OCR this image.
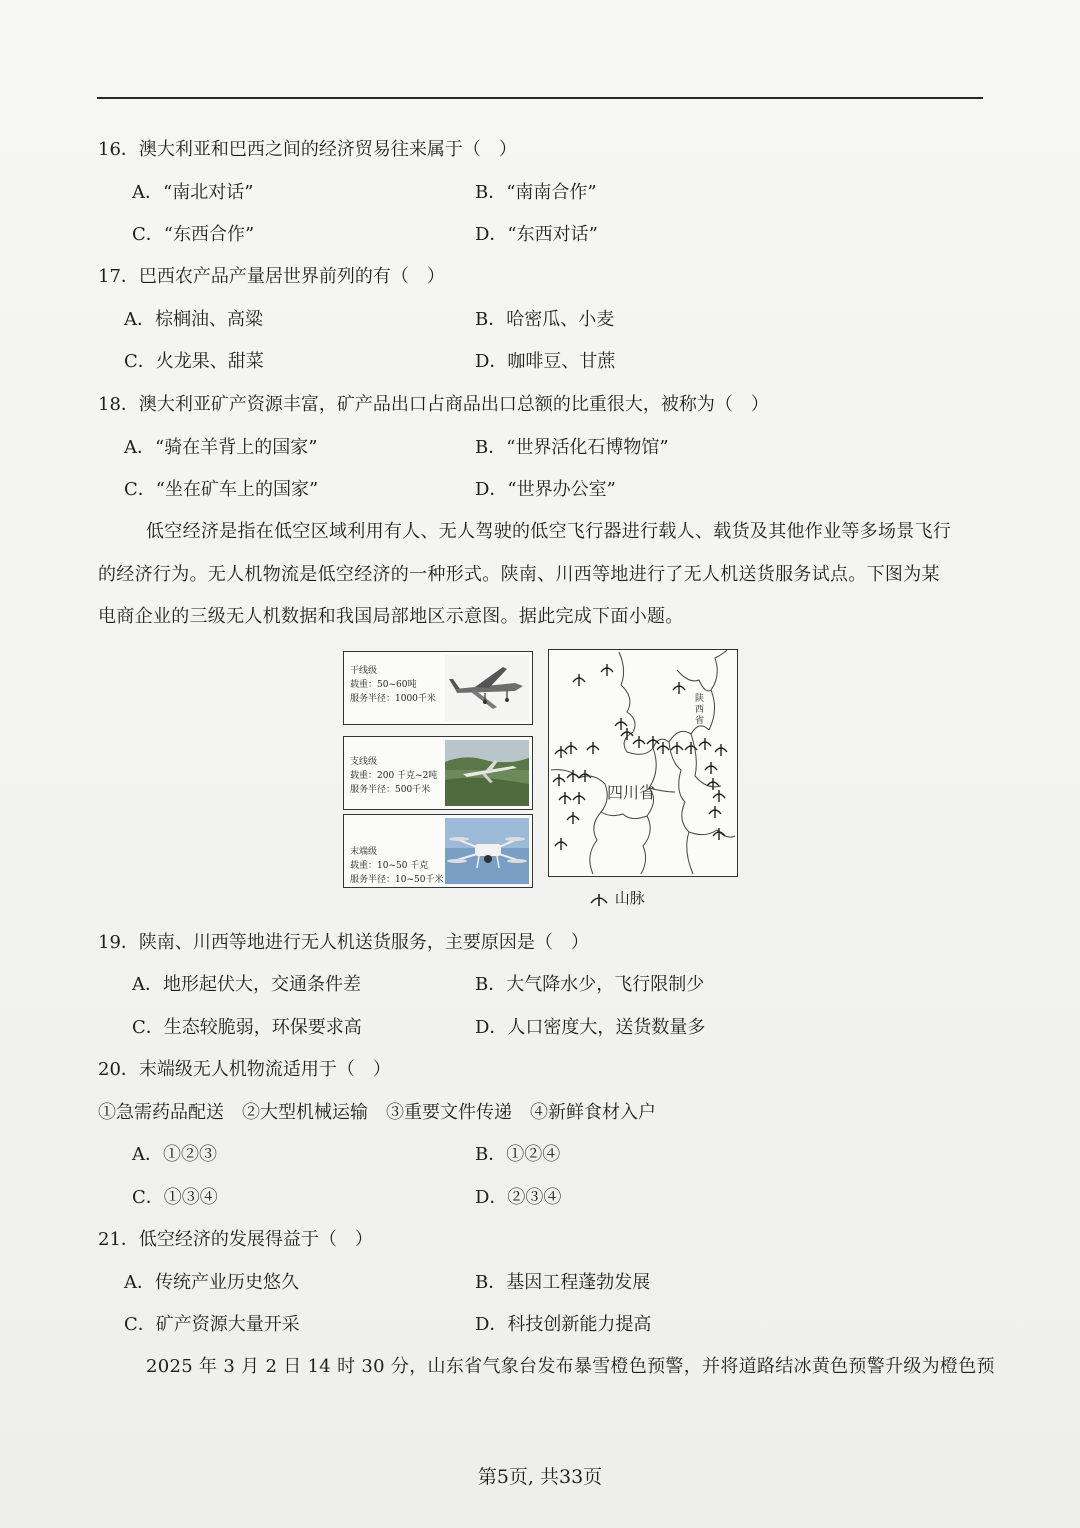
16．澳大利亚和巴西之间的经济贸易往来属于（　）
A．“南北对话”	B．“南南合作”
C．“东西合作”	D．“东西对话”
17．巴西农产品产量居世界前列的有（　）
A．棕榈油、高粱	B．哈密瓜、小麦
C．火龙果、甜菜	D．咖啡豆、甘蔗
18．澳大利亚矿产资源丰富，矿产品出口占商品出口总额的比重很大，被称为（　）
A．“骑在羊背上的国家”	B．“世界活化石博物馆”
C．“坐在矿车上的国家”	D．“世界办公室”
低空经济是指在低空区域利用有人、无人驾驶的低空飞行器进行载人、载货及其他作业等多场景飞行
的经济行为。无人机物流是低空经济的一种形式。陕南、川西等地进行了无人机送货服务试点。下图为某
电商企业的三级无人机数据和我国局部地区示意图。据此完成下面小题。
干线级
载重：50~60吨
服务半径：1000千米
支线级
载重：200 千克~2吨
服务半径：500千米
末端级
载重：10~50 千克
服务半径：10~50千米
四川省
陕西省
山脉
19．陕南、川西等地进行无人机送货服务，主要原因是（　）
A．地形起伏大，交通条件差	B．大气降水少，飞行限制少
C．生态较脆弱，环保要求高	D．人口密度大，送货数量多
20．末端级无人机物流适用于（　）
①急需药品配送　②大型机械运输　③重要文件传递　④新鲜食材入户
A．①②③	B．①②④
C．①③④	D．②③④
21．低空经济的发展得益于（　）
A．传统产业历史悠久	B．基因工程蓬勃发展
C．矿产资源大量开采	D．科技创新能力提高
2025 年 3 月 2 日 14 时 30 分，山东省气象台发布暴雪橙色预警，并将道路结冰黄色预警升级为橙色预
第5页, 共33页
